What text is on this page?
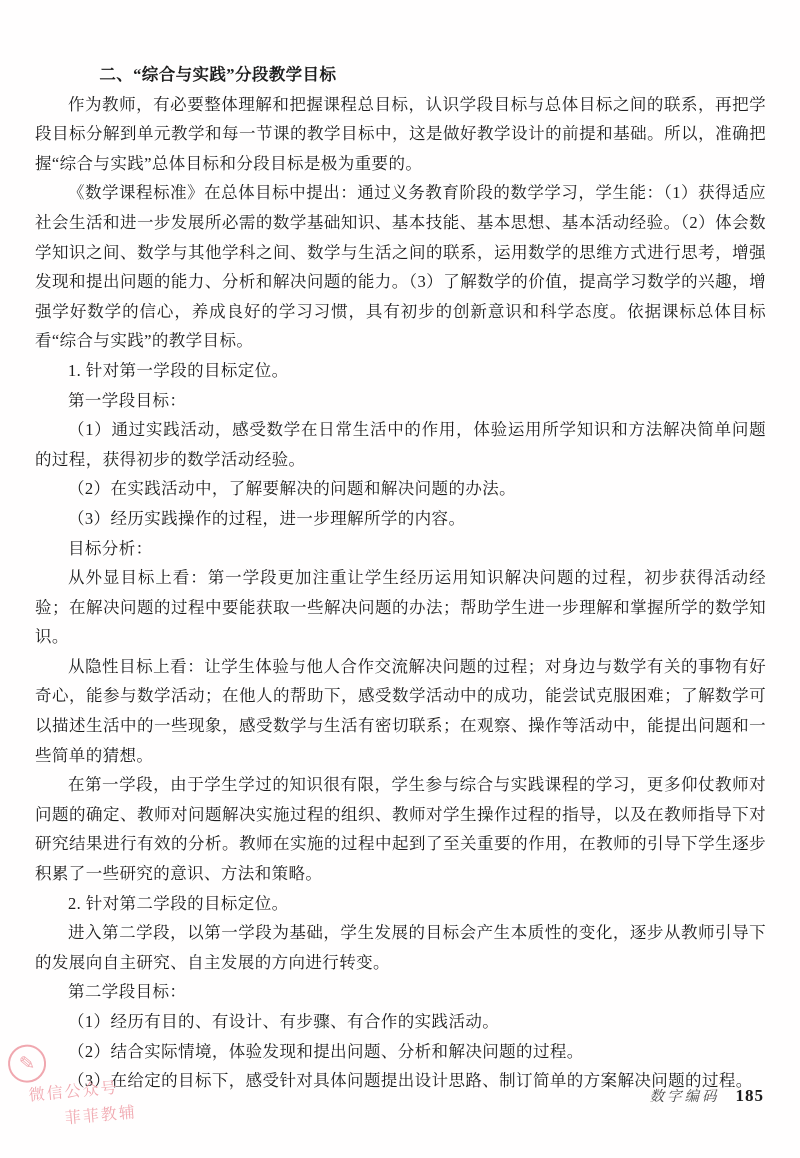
二、“综合与实践”分段教学目标

作为教师，有必要整体理解和把握课程总目标，认识学段目标与总体目标之间的联系，再把学段目标分解到单元教学和每一节课的教学目标中，这是做好教学设计的前提和基础。所以，准确把握“综合与实践”总体目标和分段目标是极为重要的。

《数学课程标准》在总体目标中提出：通过义务教育阶段的数学学习，学生能：（1）获得适应社会生活和进一步发展所必需的数学基础知识、基本技能、基本思想、基本活动经验。（2）体会数学知识之间、数学与其他学科之间、数学与生活之间的联系，运用数学的思维方式进行思考，增强发现和提出问题的能力、分析和解决问题的能力。（3）了解数学的价值，提高学习数学的兴趣，增强学好数学的信心，养成良好的学习习惯，具有初步的创新意识和科学态度。依据课标总体目标看“综合与实践”的教学目标。

1. 针对第一学段的目标定位。

第一学段目标：

（1）通过实践活动，感受数学在日常生活中的作用，体验运用所学知识和方法解决简单问题的过程，获得初步的数学活动经验。

（2）在实践活动中，了解要解决的问题和解决问题的办法。

（3）经历实践操作的过程，进一步理解所学的内容。

目标分析：

从外显目标上看：第一学段更加注重让学生经历运用知识解决问题的过程，初步获得活动经验；在解决问题的过程中要能获取一些解决问题的办法；帮助学生进一步理解和掌握所学的数学知识。

从隐性目标上看：让学生体验与他人合作交流解决问题的过程；对身边与数学有关的事物有好奇心，能参与数学活动；在他人的帮助下，感受数学活动中的成功，能尝试克服困难；了解数学可以描述生活中的一些现象，感受数学与生活有密切联系；在观察、操作等活动中，能提出问题和一些简单的猜想。

在第一学段，由于学生学过的知识很有限，学生参与综合与实践课程的学习，更多仰仗教师对问题的确定、教师对问题解决实施过程的组织、教师对学生操作过程的指导，以及在教师指导下对研究结果进行有效的分析。教师在实施的过程中起到了至关重要的作用，在教师的引导下学生逐步积累了一些研究的意识、方法和策略。

2. 针对第二学段的目标定位。

进入第二学段，以第一学段为基础，学生发展的目标会产生本质性的变化，逐步从教师引导下的发展向自主研究、自主发展的方向进行转变。

第二学段目标：

（1）经历有目的、有设计、有步骤、有合作的实践活动。

（2）结合实际情境，体验发现和提出问题、分析和解决问题的过程。

（3）在给定的目标下，感受针对具体问题提出设计思路、制订简单的方案解决问题的过程。

✎
微信公众号
菲菲教辅
数字编码 185
